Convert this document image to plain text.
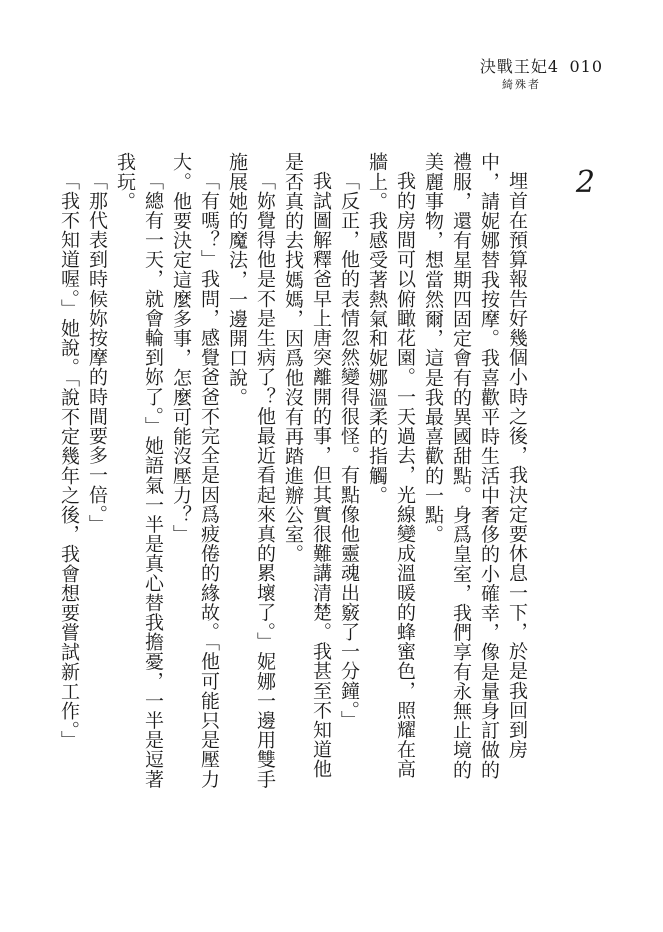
決戰王妃4
綺殊者
010
2

埋首在預算報告好幾個小時之後，我決定要休息一下，於是我回到房中，請妮娜替我按摩。我喜歡平時生活中奢侈的小確幸，像是量身訂做的禮服，還有星期四固定會有的異國甜點。身爲皇室，我們享有永無止境的美麗事物，想當然爾，這是我最喜歡的一點。

我的房間可以俯瞰花園。一天過去，光線變成溫暖的蜂蜜色，照耀在高牆上。我感受著熱氣和妮娜溫柔的指觸。

「反正，他的表情忽然變得很怪。有點像他靈魂出竅了一分鐘。」

我試圖解釋爸早上唐突離開的事，但其實很難講清楚。我甚至不知道他是否真的去找媽媽，因爲他沒有再踏進辦公室。

「妳覺得他是不是生病了？他最近看起來真的累壞了。」妮娜一邊用雙手施展她的魔法，一邊開口說。

「有嗎？」我問，感覺爸爸不完全是因爲疲倦的緣故。「他可能只是壓力大。他要決定這麼多事，怎麼可能沒壓力？」

「總有一天，就會輪到妳了。」她語氣一半是真心替我擔憂，一半是逗著我玩。

「那代表到時候妳按摩的時間要多一倍。」

「我不知道喔。」她說。「說不定幾年之後，我會想要嘗試新工作。」
